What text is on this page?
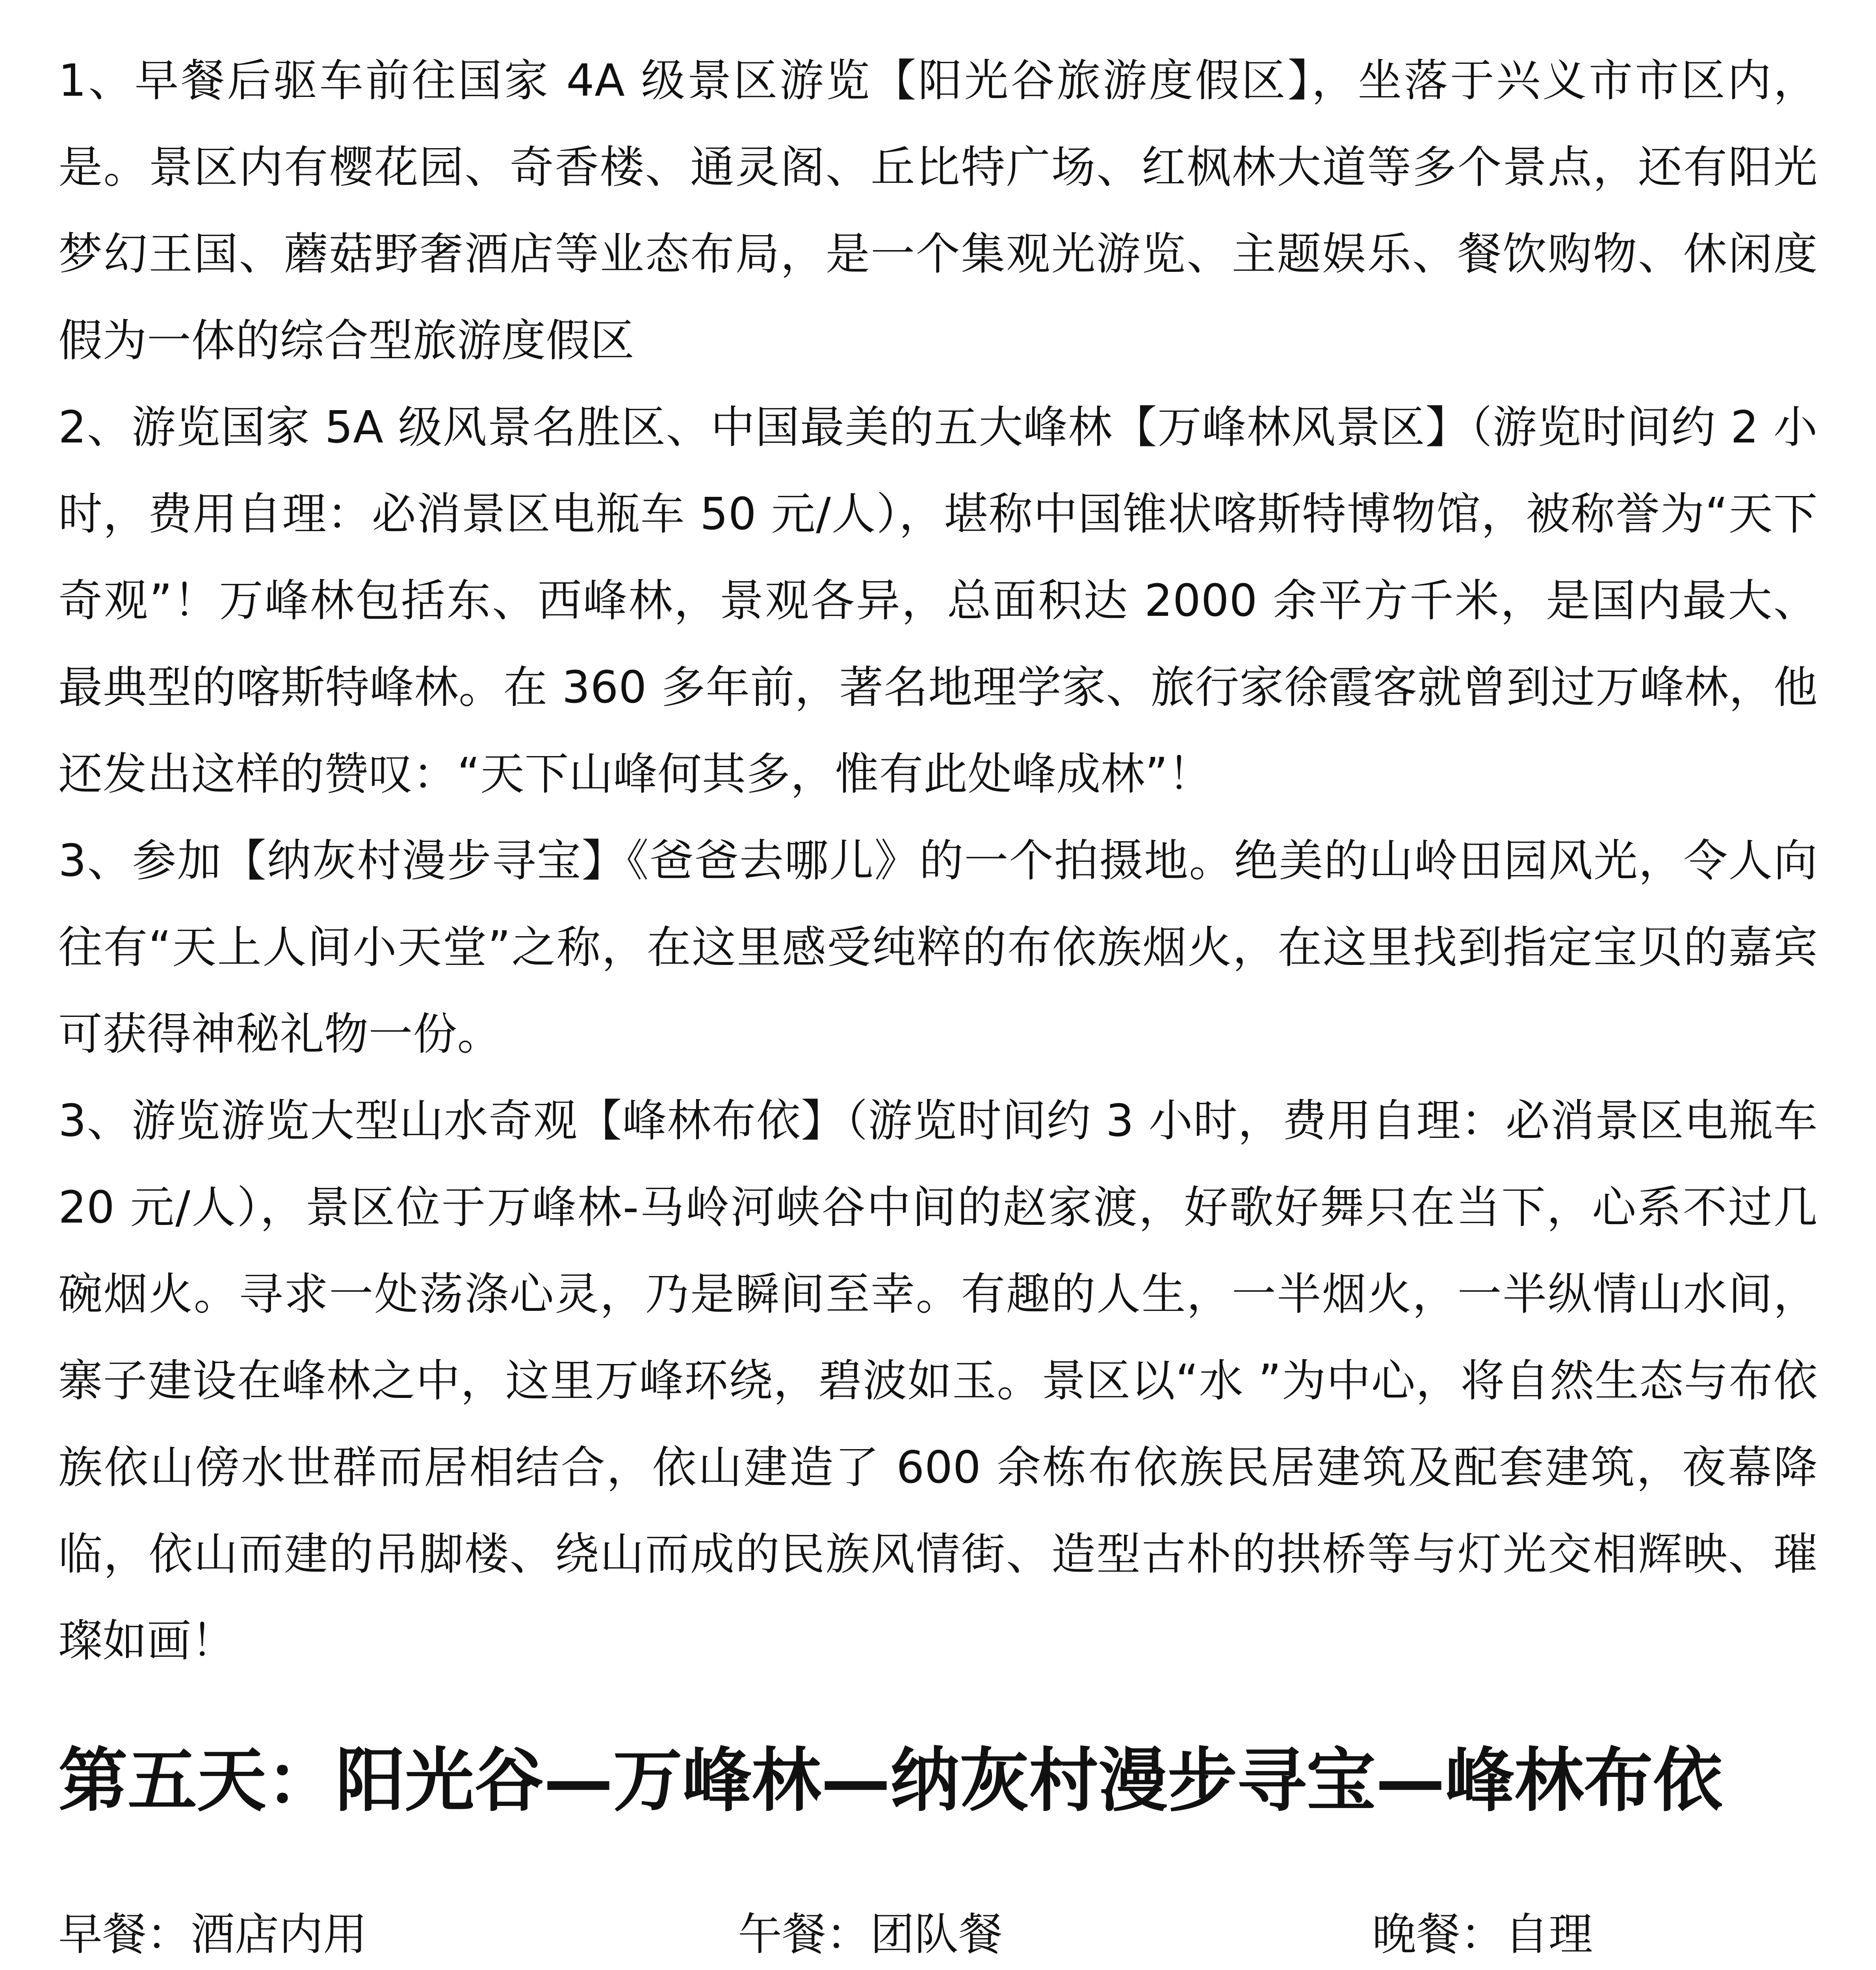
1、早餐后驱车前往国家 4A 级景区游览【阳光谷旅游度假区】，坐落于兴义市市区内，是。景区内有樱花园、奇香楼、通灵阁、丘比特广场、红枫林大道等多个景点，还有阳光梦幻王国、蘑菇野奢酒店等业态布局，是一个集观光游览、主题娱乐、餐饮购物、休闲度假为一体的综合型旅游度假区

2、游览国家 5A 级风景名胜区、中国最美的五大峰林【万峰林风景区】（游览时间约 2 小时，费用自理：必消景区电瓶车 50 元/人），堪称中国锥状喀斯特博物馆，被称誉为“天下奇观”！万峰林包括东、西峰林，景观各异，总面积达 2000 余平方千米，是国内最大、最典型的喀斯特峰林。在 360 多年前，著名地理学家、旅行家徐霞客就曾到过万峰林，他还发出这样的赞叹：“天下山峰何其多，惟有此处峰成林”！

3、参加【纳灰村漫步寻宝】《爸爸去哪儿》的一个拍摄地。绝美的山岭田园风光，令人向往有“天上人间小天堂”之称，在这里感受纯粹的布依族烟火，在这里找到指定宝贝的嘉宾可获得神秘礼物一份。

3、游览游览大型山水奇观【峰林布依】（游览时间约 3 小时，费用自理：必消景区电瓶车 20 元/人），景区位于万峰林-马岭河峡谷中间的赵家渡，好歌好舞只在当下，心系不过几碗烟火。寻求一处荡涤心灵，乃是瞬间至幸。有趣的人生，一半烟火，一半纵情山水间，寨子建设在峰林之中，这里万峰环绕，碧波如玉。景区以“水 ”为中心，将自然生态与布依族依山傍水世群而居相结合，依山建造了 600 余栋布依族民居建筑及配套建筑，夜幕降临，依山而建的吊脚楼、绕山而成的民族风情街、造型古朴的拱桥等与灯光交相辉映、璀璨如画！

第五天：阳光谷—万峰林—纳灰村漫步寻宝—峰林布依
早餐：酒店内用	午餐：团队餐	晚餐：自理
